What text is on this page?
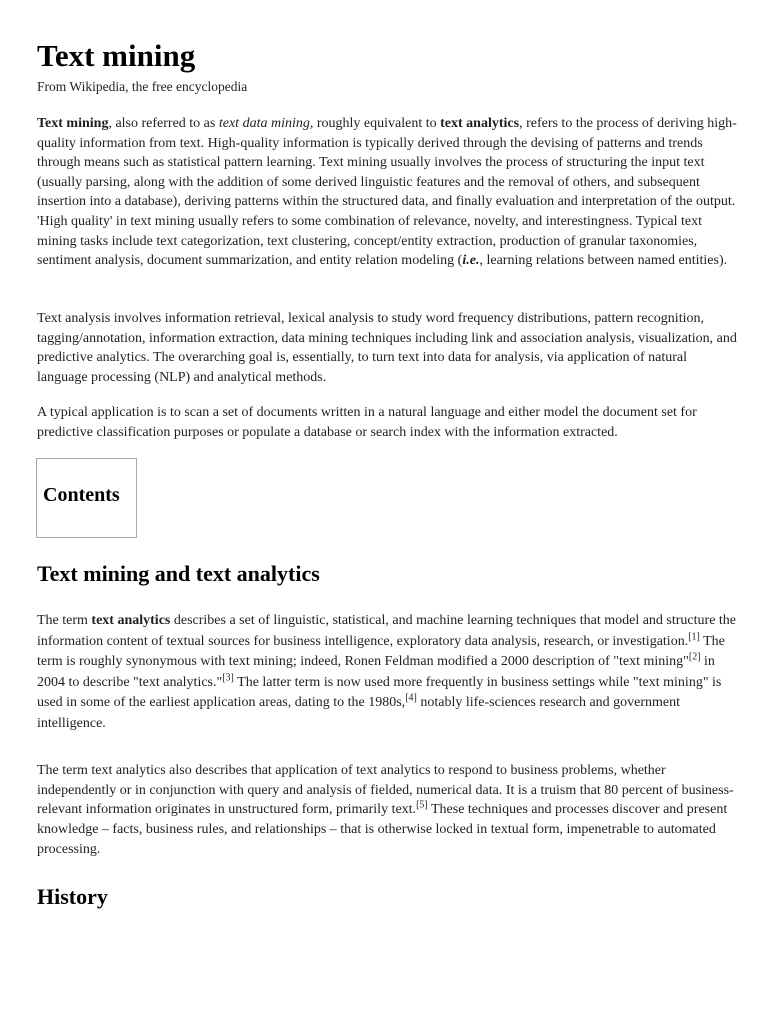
Text mining
From Wikipedia, the free encyclopedia

Text mining, also referred to as text data mining, roughly equivalent to text analytics, refers to the process of deriving high-quality information from text. High-quality information is typically derived through the devising of patterns and trends through means such as statistical pattern learning. Text mining usually involves the process of structuring the input text (usually parsing, along with the addition of some derived linguistic features and the removal of others, and subsequent insertion into a database), deriving patterns within the structured data, and finally evaluation and interpretation of the output. 'High quality' in text mining usually refers to some combination of relevance, novelty, and interestingness. Typical text mining tasks include text categorization, text clustering, concept/entity extraction, production of granular taxonomies, sentiment analysis, document summarization, and entity relation modeling (i.e., learning relations between named entities).

Text analysis involves information retrieval, lexical analysis to study word frequency distributions, pattern recognition, tagging/annotation, information extraction, data mining techniques including link and association analysis, visualization, and predictive analytics. The overarching goal is, essentially, to turn text into data for analysis, via application of natural language processing (NLP) and analytical methods.

A typical application is to scan a set of documents written in a natural language and either model the document set for predictive classification purposes or populate a database or search index with the information extracted.

Contents
Text mining and text analytics

The term text analytics describes a set of linguistic, statistical, and machine learning techniques that model and structure the information content of textual sources for business intelligence, exploratory data analysis, research, or investigation.[1] The term is roughly synonymous with text mining; indeed, Ronen Feldman modified a 2000 description of "text mining"[2] in 2004 to describe "text analytics."[3] The latter term is now used more frequently in business settings while "text mining" is used in some of the earliest application areas, dating to the 1980s,[4] notably life-sciences research and government intelligence.

The term text analytics also describes that application of text analytics to respond to business problems, whether independently or in conjunction with query and analysis of fielded, numerical data. It is a truism that 80 percent of business-relevant information originates in unstructured form, primarily text.[5] These techniques and processes discover and present knowledge – facts, business rules, and relationships – that is otherwise locked in textual form, impenetrable to automated processing.

History
